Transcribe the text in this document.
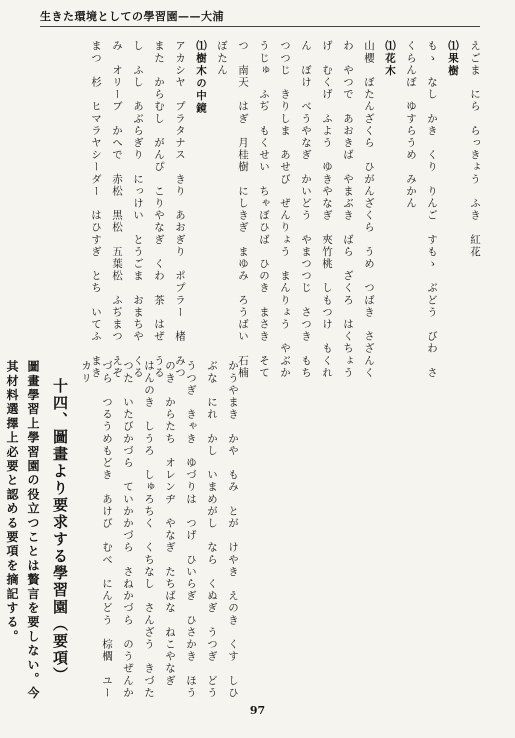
生きた環境としての學習園——大浦
えごま　にら　らっきょう　ふき　紅花
⑴果樹
もゝ　なし　かき　くり　りんご　すもゝ　ぶどう　びわ　さ
くらんぼ　ゆすらうめ　みかん
⑴花木
山櫻　ぼたんざくら　ひがんざくら　うめ　つばき　さざんく
わ　やつで　あおきば　やまぶき　ばら　ざくろ　はくちょう
げ　むくげ　ふよう　ゆきやなぎ　夾竹桃　しもつけ　もくれ
ん　ぼけ　べうやなぎ　かいどう　やまつつじ　さつき　もち
つつじ　きりしま　あせび　ぜんりょう　まんりょう　やぶか
うじゅ　ふぢ　もくせい　ちゃぼひば　ひのき　まさき　そて
つ　南天　はぎ　月桂樹　にしきぎ　まゆみ　ろうばい　石楠
ぼたん
⑴樹木の中鏡
アカシヤ　プラタナス　きり　あおぎり　ポプラー　楮　みつ
また　からむし　がんぴ　こりやなぎ　くわ　茶　はぜ　うる
し　ふし　あぶらぎり　にっけい　とうごま　おまちや　くる
み　オリーブ　かへで　赤松　黒松　五葉松　ふぢまつ　えぞ
まつ　杉　ヒマラヤシーダー　はひすぎ　とち　いてふ　まき
かうやまき　かや　もみ　とが　けやき　えのき　くす　しひ
ぶな　にれ　かし　いまめがし　なら　くぬぎ　うつぎ　どう
うつぎ　きゃき　ゆづりは　つげ　ひいらぎ　ひさかき　ほう
のき　からたち　オレンヂ　やなぎ　たちばな　ねこやなぎ
はんのき　しうろ　しゅろちく　くちなし　さんざう　きづた
つた　いたびかづら　ていかかづら　さねかづら　のうぜんか
づら　つるうめもどき　あけび　むべ　にんどう　棕櫚　ユー
カリ
十四、圖畫より要求する學習園（要項）
圖畫學習上學習園の役立つことは贅言を要しない。今
其材料選擇上必要と認める要項を摘記する。
97
